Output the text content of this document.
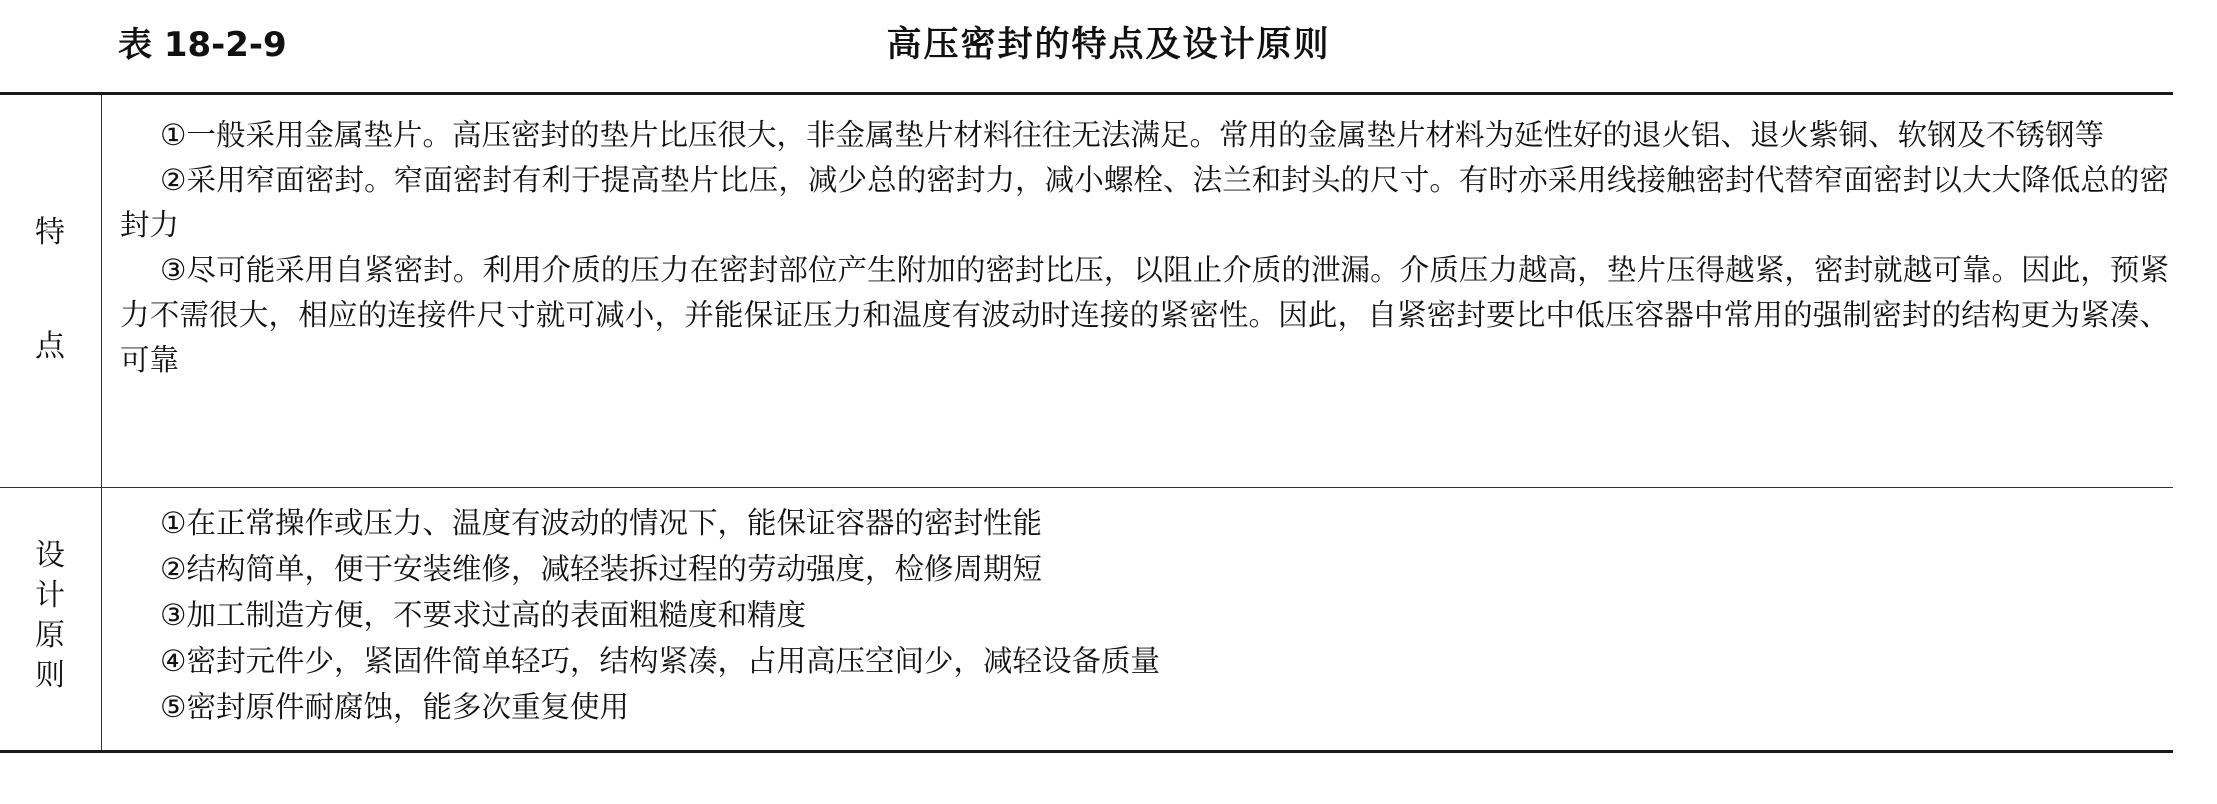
表 18-2-9	高压密封的特点及设计原则
特
点

①一般采用金属垫片。高压密封的垫片比压很大，非金属垫片材料往往无法满足。常用的金属垫片材料为延性好的退火铝、退火紫铜、软钢及不锈钢等

②采用窄面密封。窄面密封有利于提高垫片比压，减少总的密封力，减小螺栓、法兰和封头的尺寸。有时亦采用线接触密封代替窄面密封以大大降低总的密封力

③尽可能采用自紧密封。利用介质的压力在密封部位产生附加的密封比压，以阻止介质的泄漏。介质压力越高，垫片压得越紧，密封就越可靠。因此，预紧力不需很大，相应的连接件尺寸就可减小，并能保证压力和温度有波动时连接的紧密性。因此，自紧密封要比中低压容器中常用的强制密封的结构更为紧凑、可靠

设
计
原
则

①在正常操作或压力、温度有波动的情况下，能保证容器的密封性能

②结构简单，便于安装维修，减轻装拆过程的劳动强度，检修周期短

③加工制造方便，不要求过高的表面粗糙度和精度

④密封元件少，紧固件简单轻巧，结构紧凑，占用高压空间少，减轻设备质量

⑤密封原件耐腐蚀，能多次重复使用
